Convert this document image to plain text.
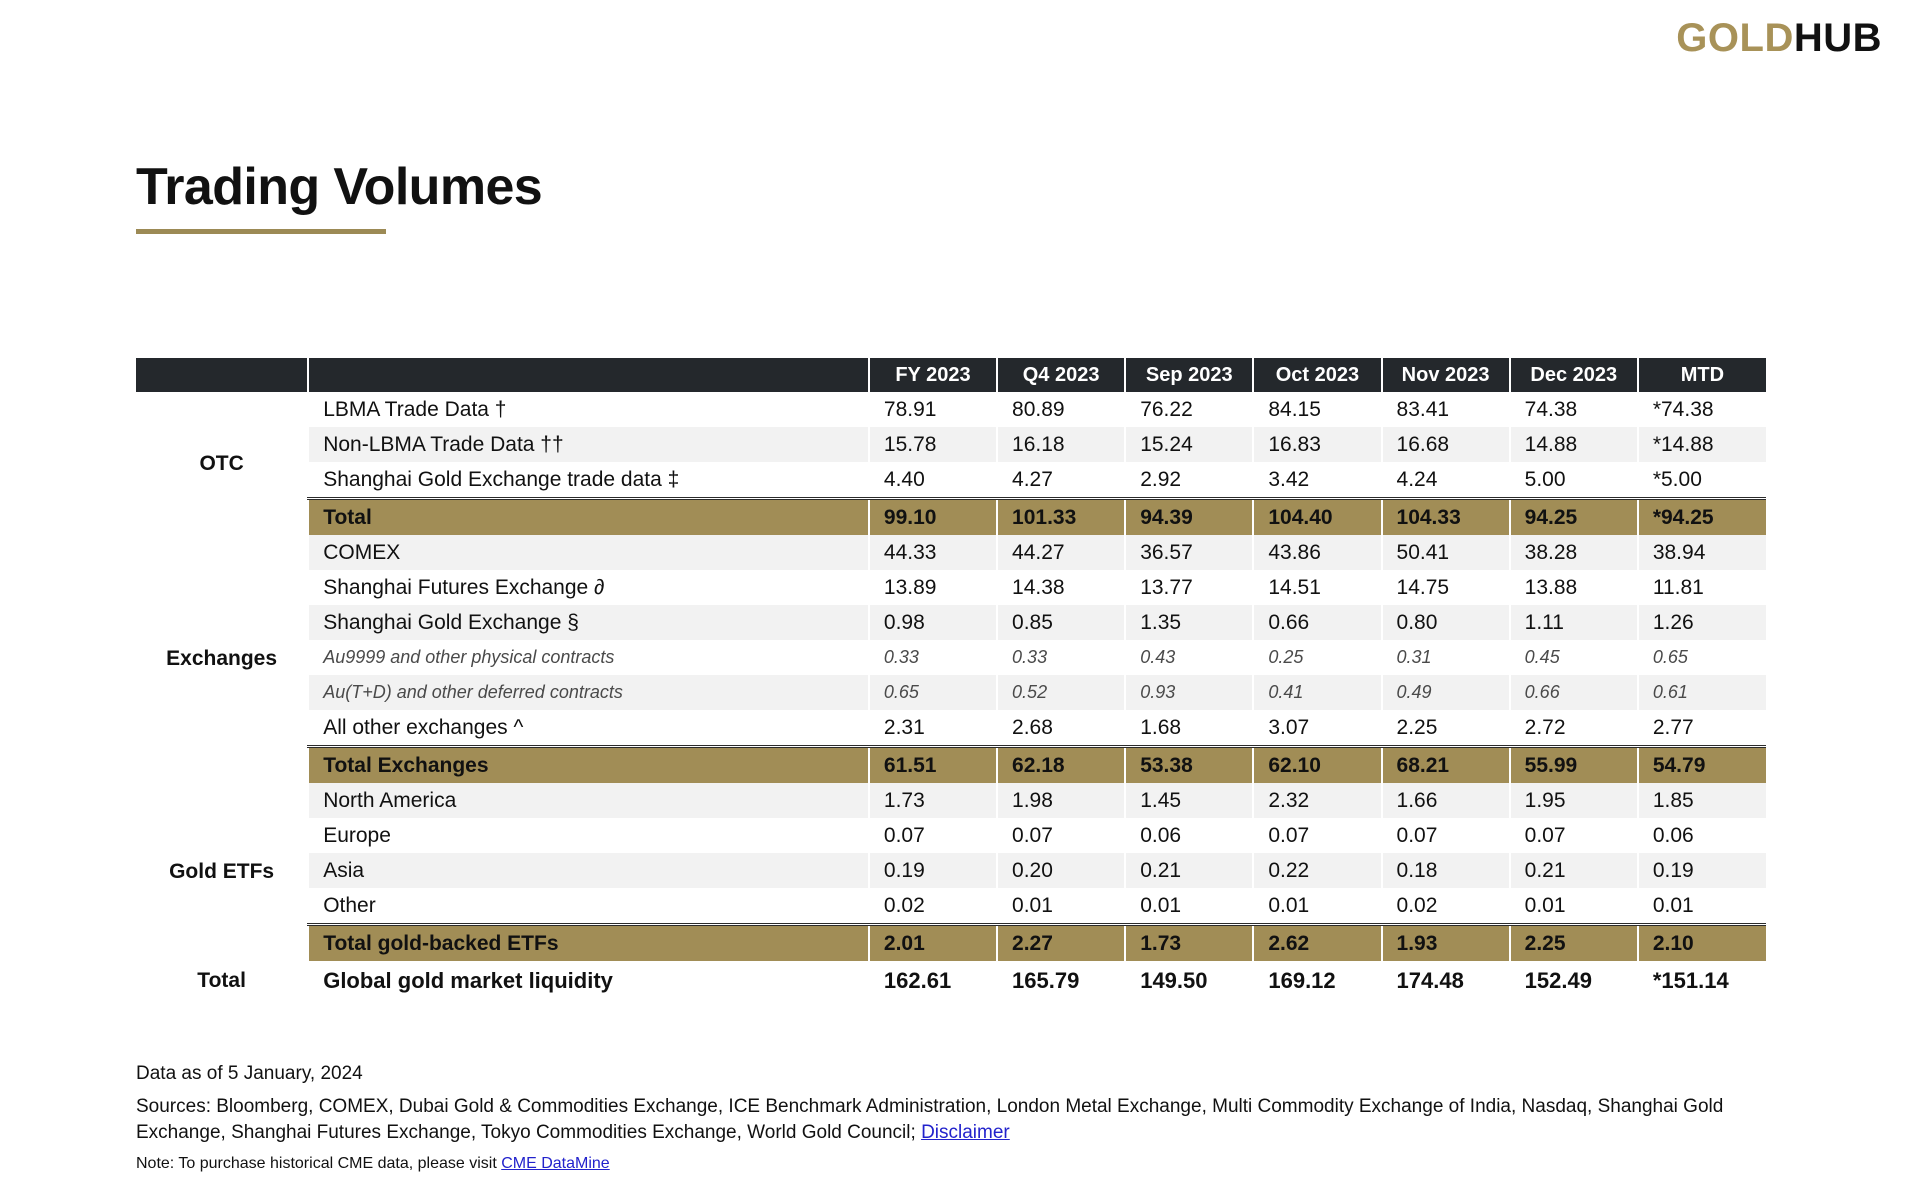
GOLDHUB
Trading Volumes
		FY 2023	Q4 2023	Sep 2023	Oct 2023	Nov 2023	Dec 2023	MTD
OTC	LBMA Trade Data †	78.91	80.89	76.22	84.15	83.41	74.38	*74.38
	Non-LBMA Trade Data ††	15.78	16.18	15.24	16.83	16.68	14.88	*14.88
	Shanghai Gold Exchange trade data ‡	4.40	4.27	2.92	3.42	4.24	5.00	*5.00
	Total	99.10	101.33	94.39	104.40	104.33	94.25	*94.25
Exchanges	COMEX	44.33	44.27	36.57	43.86	50.41	38.28	38.94
	Shanghai Futures Exchange ∂	13.89	14.38	13.77	14.51	14.75	13.88	11.81
	Shanghai Gold Exchange §	0.98	0.85	1.35	0.66	0.80	1.11	1.26
	Au9999 and other physical contracts	0.33	0.33	0.43	0.25	0.31	0.45	0.65
	Au(T+D) and other deferred contracts	0.65	0.52	0.93	0.41	0.49	0.66	0.61
	All other exchanges ^	2.31	2.68	1.68	3.07	2.25	2.72	2.77
	Total Exchanges	61.51	62.18	53.38	62.10	68.21	55.99	54.79
Gold ETFs	North America	1.73	1.98	1.45	2.32	1.66	1.95	1.85
	Europe	0.07	0.07	0.06	0.07	0.07	0.07	0.06
	Asia	0.19	0.20	0.21	0.22	0.18	0.21	0.19
	Other	0.02	0.01	0.01	0.01	0.02	0.01	0.01
	Total gold-backed ETFs	2.01	2.27	1.73	2.62	1.93	2.25	2.10
Total	Global gold market liquidity	162.61	165.79	149.50	169.12	174.48	152.49	*151.14
Data as of 5 January, 2024
Sources: Bloomberg, COMEX, Dubai Gold & Commodities Exchange, ICE Benchmark Administration, London Metal Exchange, Multi Commodity Exchange of India, Nasdaq, Shanghai Gold Exchange, Shanghai Futures Exchange, Tokyo Commodities Exchange, World Gold Council; Disclaimer
Note: To purchase historical CME data, please visit CME DataMine
